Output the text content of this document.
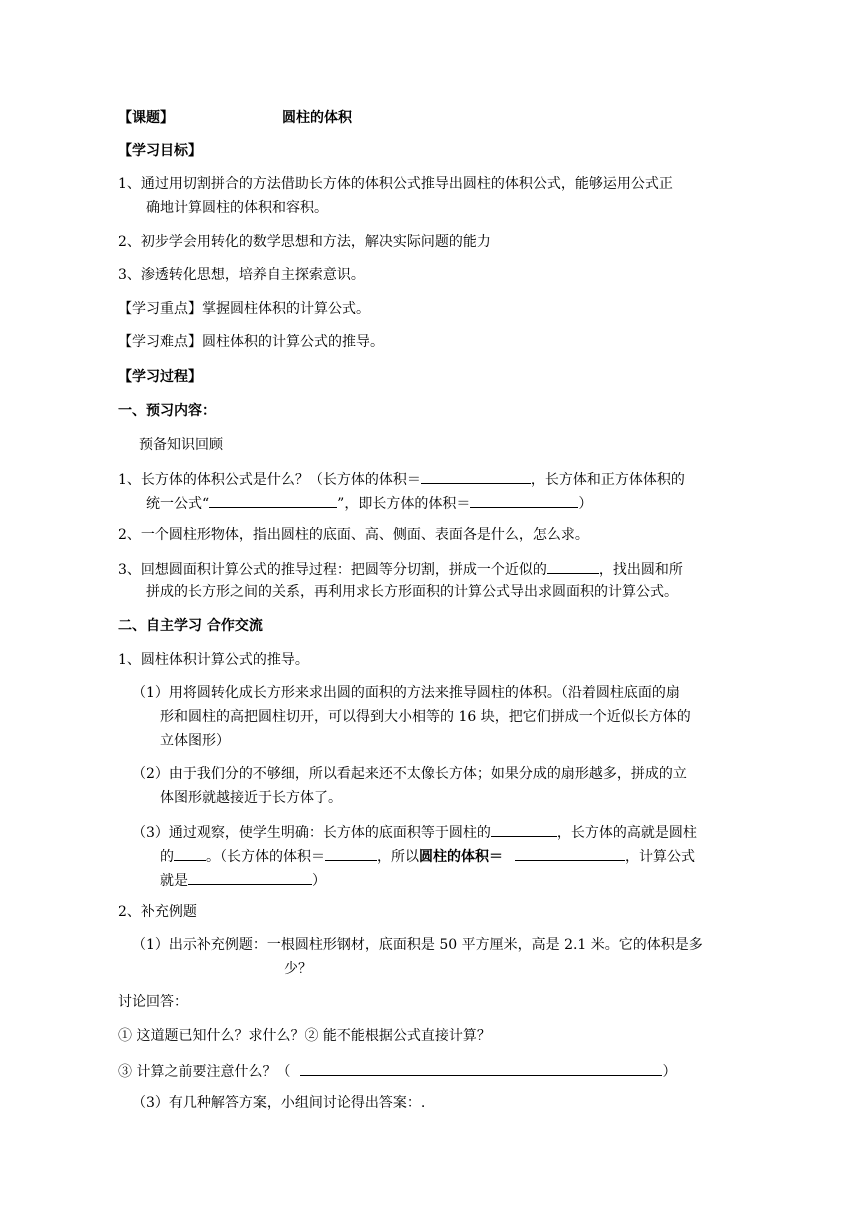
【课题】	圆柱的体积
【学习目标】
1、通过用切割拼合的方法借助长方体的体积公式推导出圆柱的体积公式，能够运用公式正
确地计算圆柱的体积和容积。
2、初步学会用转化的数学思想和方法，解决实际问题的能力
3、渗透转化思想，培养自主探索意识。
【学习重点】掌握圆柱体积的计算公式。
【学习难点】圆柱体积的计算公式的推导。
【学习过程】
一、预习内容：
预备知识回顾
1、长方体的体积公式是什么？（长方体的体积＝	，长方体和正方体体积的
统一公式“	”，即长方体的体积＝	）
2、一个圆柱形物体，指出圆柱的底面、高、侧面、表面各是什么，怎么求。
3、回想圆面积计算公式的推导过程：把圆等分切割，拼成一个近似的	，找出圆和所
拼成的长方形之间的关系，再利用求长方形面积的计算公式导出求圆面积的计算公式。
二、自主学习 合作交流
1、圆柱体积计算公式的推导。
（1）用将圆转化成长方形来求出圆的面积的方法来推导圆柱的体积。（沿着圆柱底面的扇
形和圆柱的高把圆柱切开，可以得到大小相等的 16 块，把它们拼成一个近似长方体的
立体图形）
（2）由于我们分的不够细，所以看起来还不太像长方体；如果分成的扇形越多，拼成的立
体图形就越接近于长方体了。
（3）通过观察，使学生明确：长方体的底面积等于圆柱的	，长方体的高就是圆柱
的 。（长方体的体积＝	，所以圆柱的体积＝	，计算公式
就是	）
2、补充例题
（1）出示补充例题：一根圆柱形钢材，底面积是 50 平方厘米，高是 2.1 米。它的体积是多
少？
讨论回答：
① 这道题已知什么？求什么？② 能不能根据公式直接计算？
③ 计算之前要注意什么？（	）
（3）有几种解答方案，小组间讨论得出答案：.
